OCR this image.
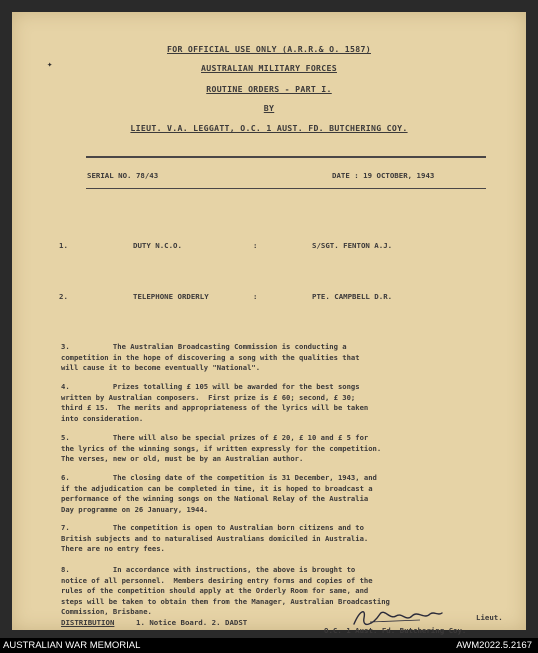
✦
FOR OFFICIAL USE ONLY (A.R.R.& O. 1587)
AUSTRALIAN MILITARY FORCES
ROUTINE ORDERS - PART I.
BY
LIEUT. V.A. LEGGATT, O.C. 1 AUST. FD. BUTCHERING COY.
SERIAL NO. 78/43	DATE : 19 OCTOBER, 1943
1.	DUTY N.C.O.	:	S/SGT. FENTON A.J.
2.	TELEPHONE ORDERLY	:	PTE. CAMPBELL D.R.
3.          The Australian Broadcasting Commission is conducting a
competition in the hope of discovering a song with the qualities that
will cause it to become eventually "National".
4.          Prizes totalling £ 105 will be awarded for the best songs
written by Australian composers.  First prize is £ 60; second, £ 30;
third £ 15.  The merits and appropriateness of the lyrics will be taken
into consideration.
5.          There will also be special prizes of £ 20, £ 10 and £ 5 for
the lyrics of the winning songs, if written expressly for the competition.
The verses, new or old, must be by an Australian author.
6.          The closing date of the competition is 31 December, 1943, and
if the adjudication can be completed in time, it is hoped to broadcast a
performance of the winning songs on the National Relay of the Australia
Day programme on 26 January, 1944.
7.          The competition is open to Australian born citizens and to
British subjects and to naturalised Australians domiciled in Australia.
There are no entry fees.
8.          In accordance with instructions, the above is brought to
notice of all personnel.  Members desiring entry forms and copies of the
rules of the competition should apply at the Orderly Room for same, and
steps will be taken to obtain them from the Manager, Australian Broadcasting
Commission, Brisbane.
DISTRIBUTION	1. Notice Board. 2. DADST
Lieut.
O.C. 1 Aust. Fd. Butchering Coy.
AUSTRALIAN WAR MEMORIAL	AWM2022.5.2167
